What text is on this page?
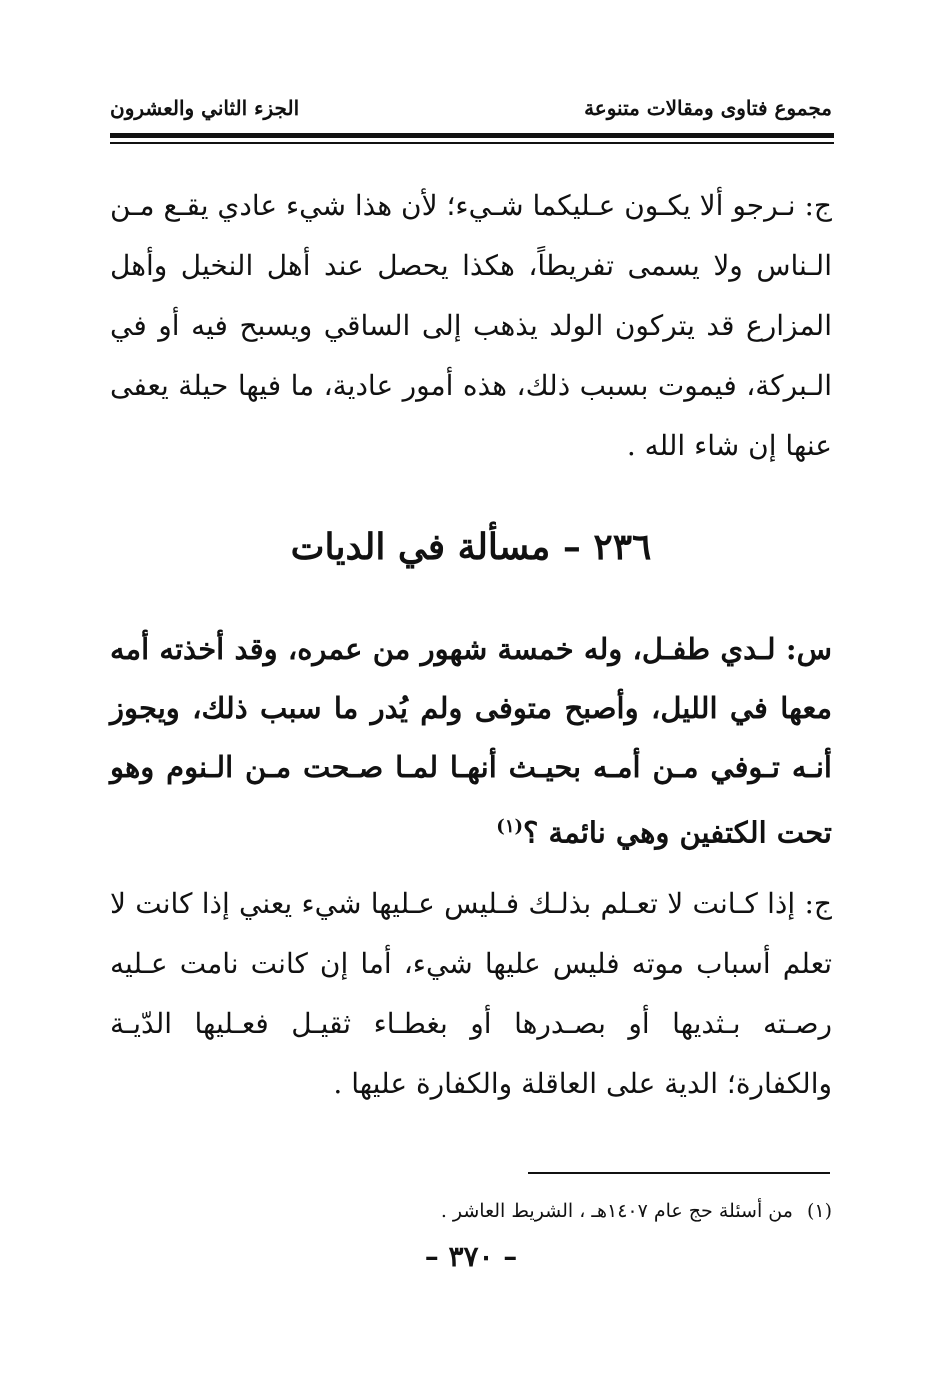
مجموع فتاوى ومقالات متنوعة
الجزء الثاني والعشرون
ج: نـرجو ألا يكـون عـليكما شـيء؛ لأن هذا شيء عادي يقـع مـن الـناس ولا يسمى تفريطاً، هكذا يحصل عند أهل النخيل وأهل المزارع قد يتركون الولد يذهب إلى الساقي ويسبح فيه أو في الـبركة، فيموت بسبب ذلك، هذه أمور عادية، ما فيها حيلة يعفى عنها إن شاء الله .
٢٣٦ – مسألة في الديات
س: لـدي طفـل، وله خمسة شهور من عمره، وقد أخذته أمه معها في الليل، وأصبح متوفى ولم يُدر ما سبب ذلك، ويجوز أنـه تـوفي مـن أمـه بحيـث أنهـا لمـا صـحت مـن الـنوم وهو تحت الكتفين وهي نائمة ؟$^{(١)}$
ج: إذا كـانت لا تعـلم بذلـك فـليس عـليها شيء يعني إذا كانت لا تعلم أسباب موته فليس عليها شيء، أما إن كانت نامت عـليه رصـته بـثديها أو بصـدرها أو بغطـاء ثقيـل فعـليها الدّيـة والكفارة؛ الدية على العاقلة والكفارة عليها .
(١)من أسئلة حج عام ١٤٠٧هـ ، الشريط العاشر .
– ٣٧٠ –
